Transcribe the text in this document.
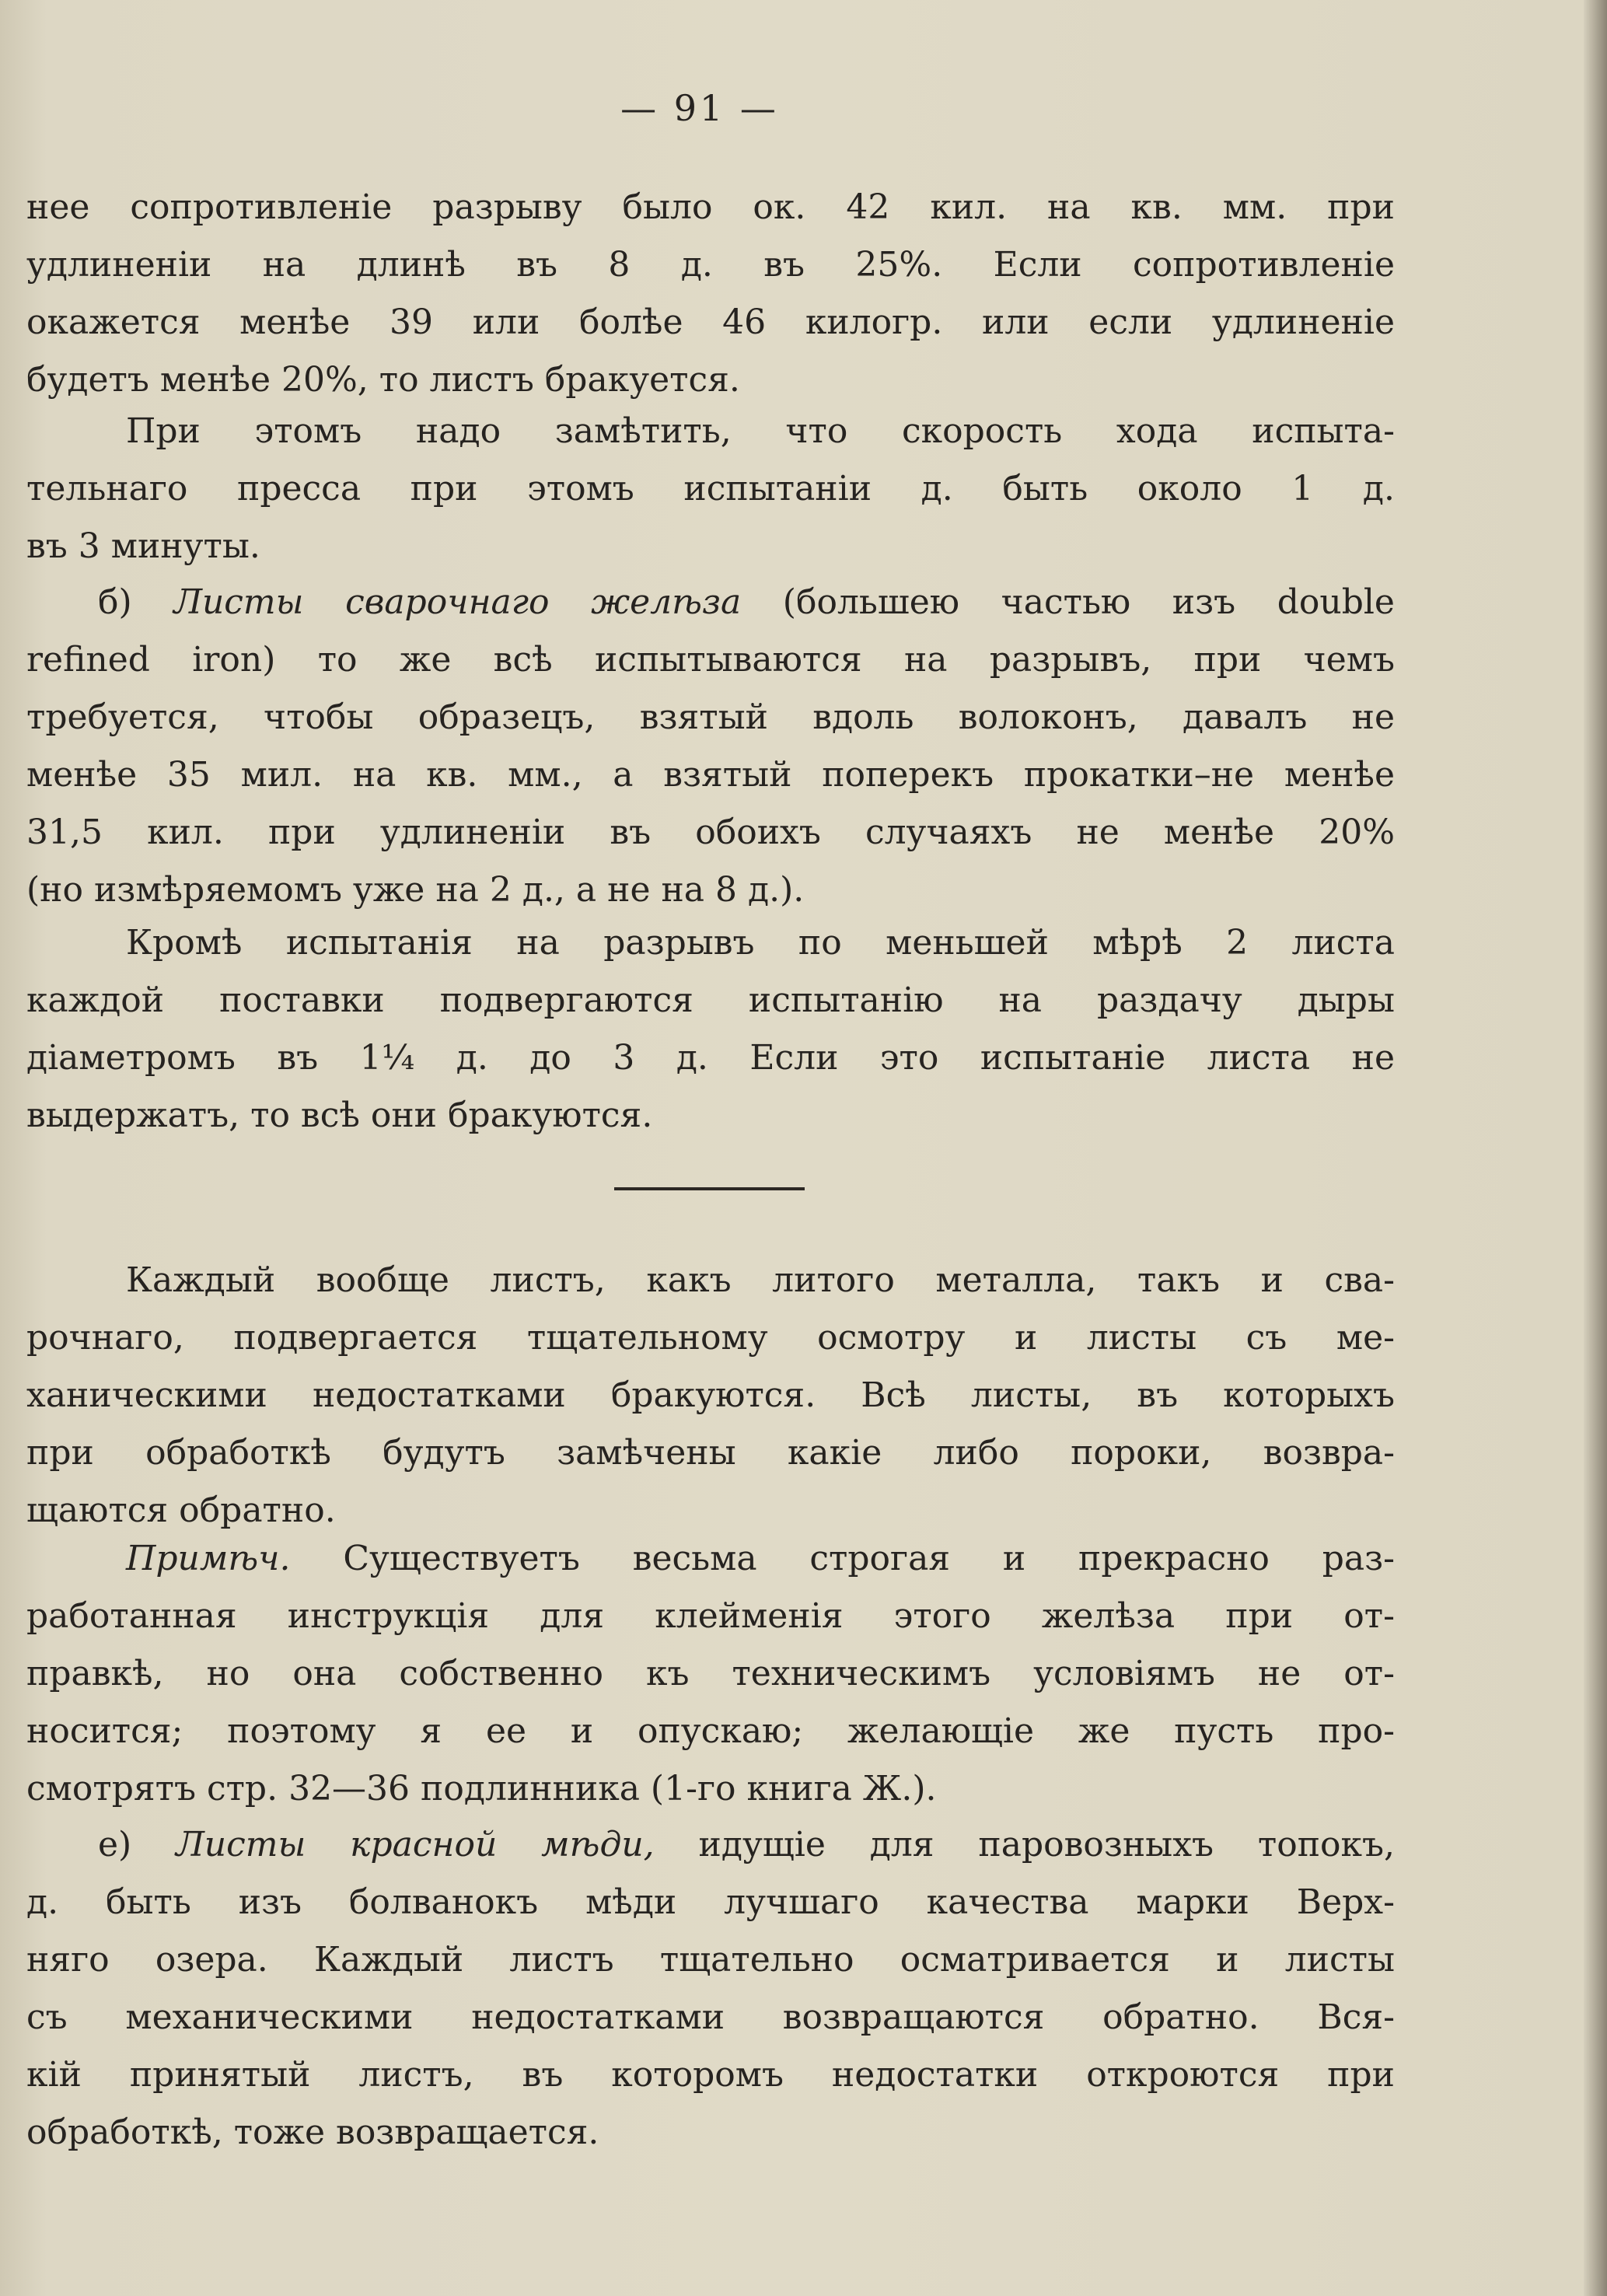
— 91 —
нее сопротивленіе разрыву было ок. 42 кил. на кв. мм. при
удлиненіи на длинѣ въ 8 д. въ 25%. Если сопротивленіе
окажется менѣе 39 или болѣе 46 килогр. или если удлиненіе
будетъ менѣе 20%, то листъ бракуется.
При этомъ надо замѣтить, что скорость хода испыта-
тельнаго пресса при этомъ испытаніи д. быть около 1 д.
въ 3 минуты.
б) Листы сварочнаго желѣза (большею частью изъ double
refined iron) то же всѣ испытываются на разрывъ, при чемъ
требуется, чтобы образецъ, взятый вдоль волоконъ, давалъ не
менѣе 35 мил. на кв. мм., а взятый поперекъ прокатки–не менѣе
31,5 кил. при удлиненіи въ обоихъ случаяхъ не менѣе 20%
(но измѣряемомъ уже на 2 д., а не на 8 д.).
Кромѣ испытанія на разрывъ по меньшей мѣрѣ 2 листа
каждой поставки подвергаются испытанію на раздачу дыры
діаметромъ въ 1¼ д. до 3 д. Если это испытаніе листа не
выдержатъ, то всѣ они бракуются.
Каждый вообще листъ, какъ литого металла, такъ и сва-
рочнаго, подвергается тщательному осмотру и листы съ ме-
ханическими недостатками бракуются. Всѣ листы, въ которыхъ
при обработкѣ будутъ замѣчены какіе либо пороки, возвра-
щаются обратно.
Примѣч. Существуетъ весьма строгая и прекрасно раз-
работанная инструкція для клейменія этого желѣза при от-
правкѣ, но она собственно къ техническимъ условіямъ не от-
носится; поэтому я ее и опускаю; желающіе же пусть про-
смотрятъ стр. 32—36 подлинника (1-го книга Ж.).
е) Листы красной мѣди, идущіе для паровозныхъ топокъ,
д. быть изъ болванокъ мѣди лучшаго качества марки Верх-
няго озера. Каждый листъ тщательно осматривается и листы
съ механическими недостатками возвращаются обратно. Вся-
кій принятый листъ, въ которомъ недостатки откроются при
обработкѣ, тоже возвращается.
